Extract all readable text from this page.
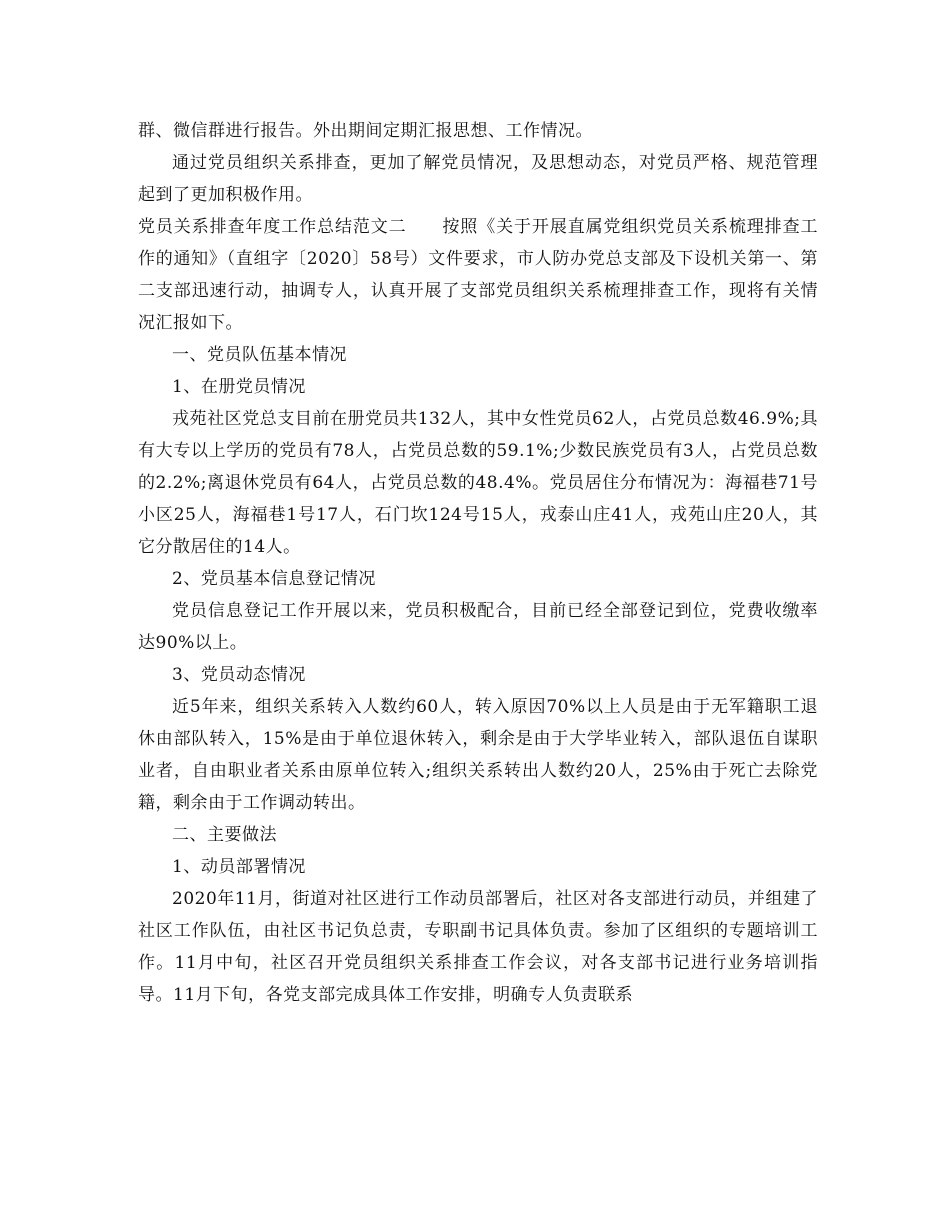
群、微信群进行报告。外出期间定期汇报思想、工作情况。

通过党员组织关系排查，更加了解党员情况，及思想动态，对党员严格、规范管理起到了更加积极作用。

党员关系排查年度工作总结范文二　　按照《关于开展直属党组织党员关系梳理排查工作的通知》（直组字〔2020〕58号）文件要求，市人防办党总支部及下设机关第一、第二支部迅速行动，抽调专人，认真开展了支部党员组织关系梳理排查工作，现将有关情况汇报如下。

一、党员队伍基本情况

1、在册党员情况

戎苑社区党总支目前在册党员共132人，其中女性党员62人，占党员总数46.9%;具有大专以上学历的党员有78人，占党员总数的59.1%;少数民族党员有3人，占党员总数的2.2%;离退休党员有64人，占党员总数的48.4%。党员居住分布情况为：海福巷71号小区25人，海福巷1号17人，石门坎124号15人，戎泰山庄41人，戎苑山庄20人，其它分散居住的14人。

2、党员基本信息登记情况

党员信息登记工作开展以来，党员积极配合，目前已经全部登记到位，党费收缴率达90%以上。

3、党员动态情况

近5年来，组织关系转入人数约60人，转入原因70%以上人员是由于无军籍职工退休由部队转入，15%是由于单位退休转入，剩余是由于大学毕业转入，部队退伍自谋职业者，自由职业者关系由原单位转入;组织关系转出人数约20人，25%由于死亡去除党籍，剩余由于工作调动转出。

二、主要做法

1、动员部署情况

2020年11月，街道对社区进行工作动员部署后，社区对各支部进行动员，并组建了社区工作队伍，由社区书记负总责，专职副书记具体负责。参加了区组织的专题培训工作。11月中旬，社区召开党员组织关系排查工作会议，对各支部书记进行业务培训指导。11月下旬，各党支部完成具体工作安排，明确专人负责联系
